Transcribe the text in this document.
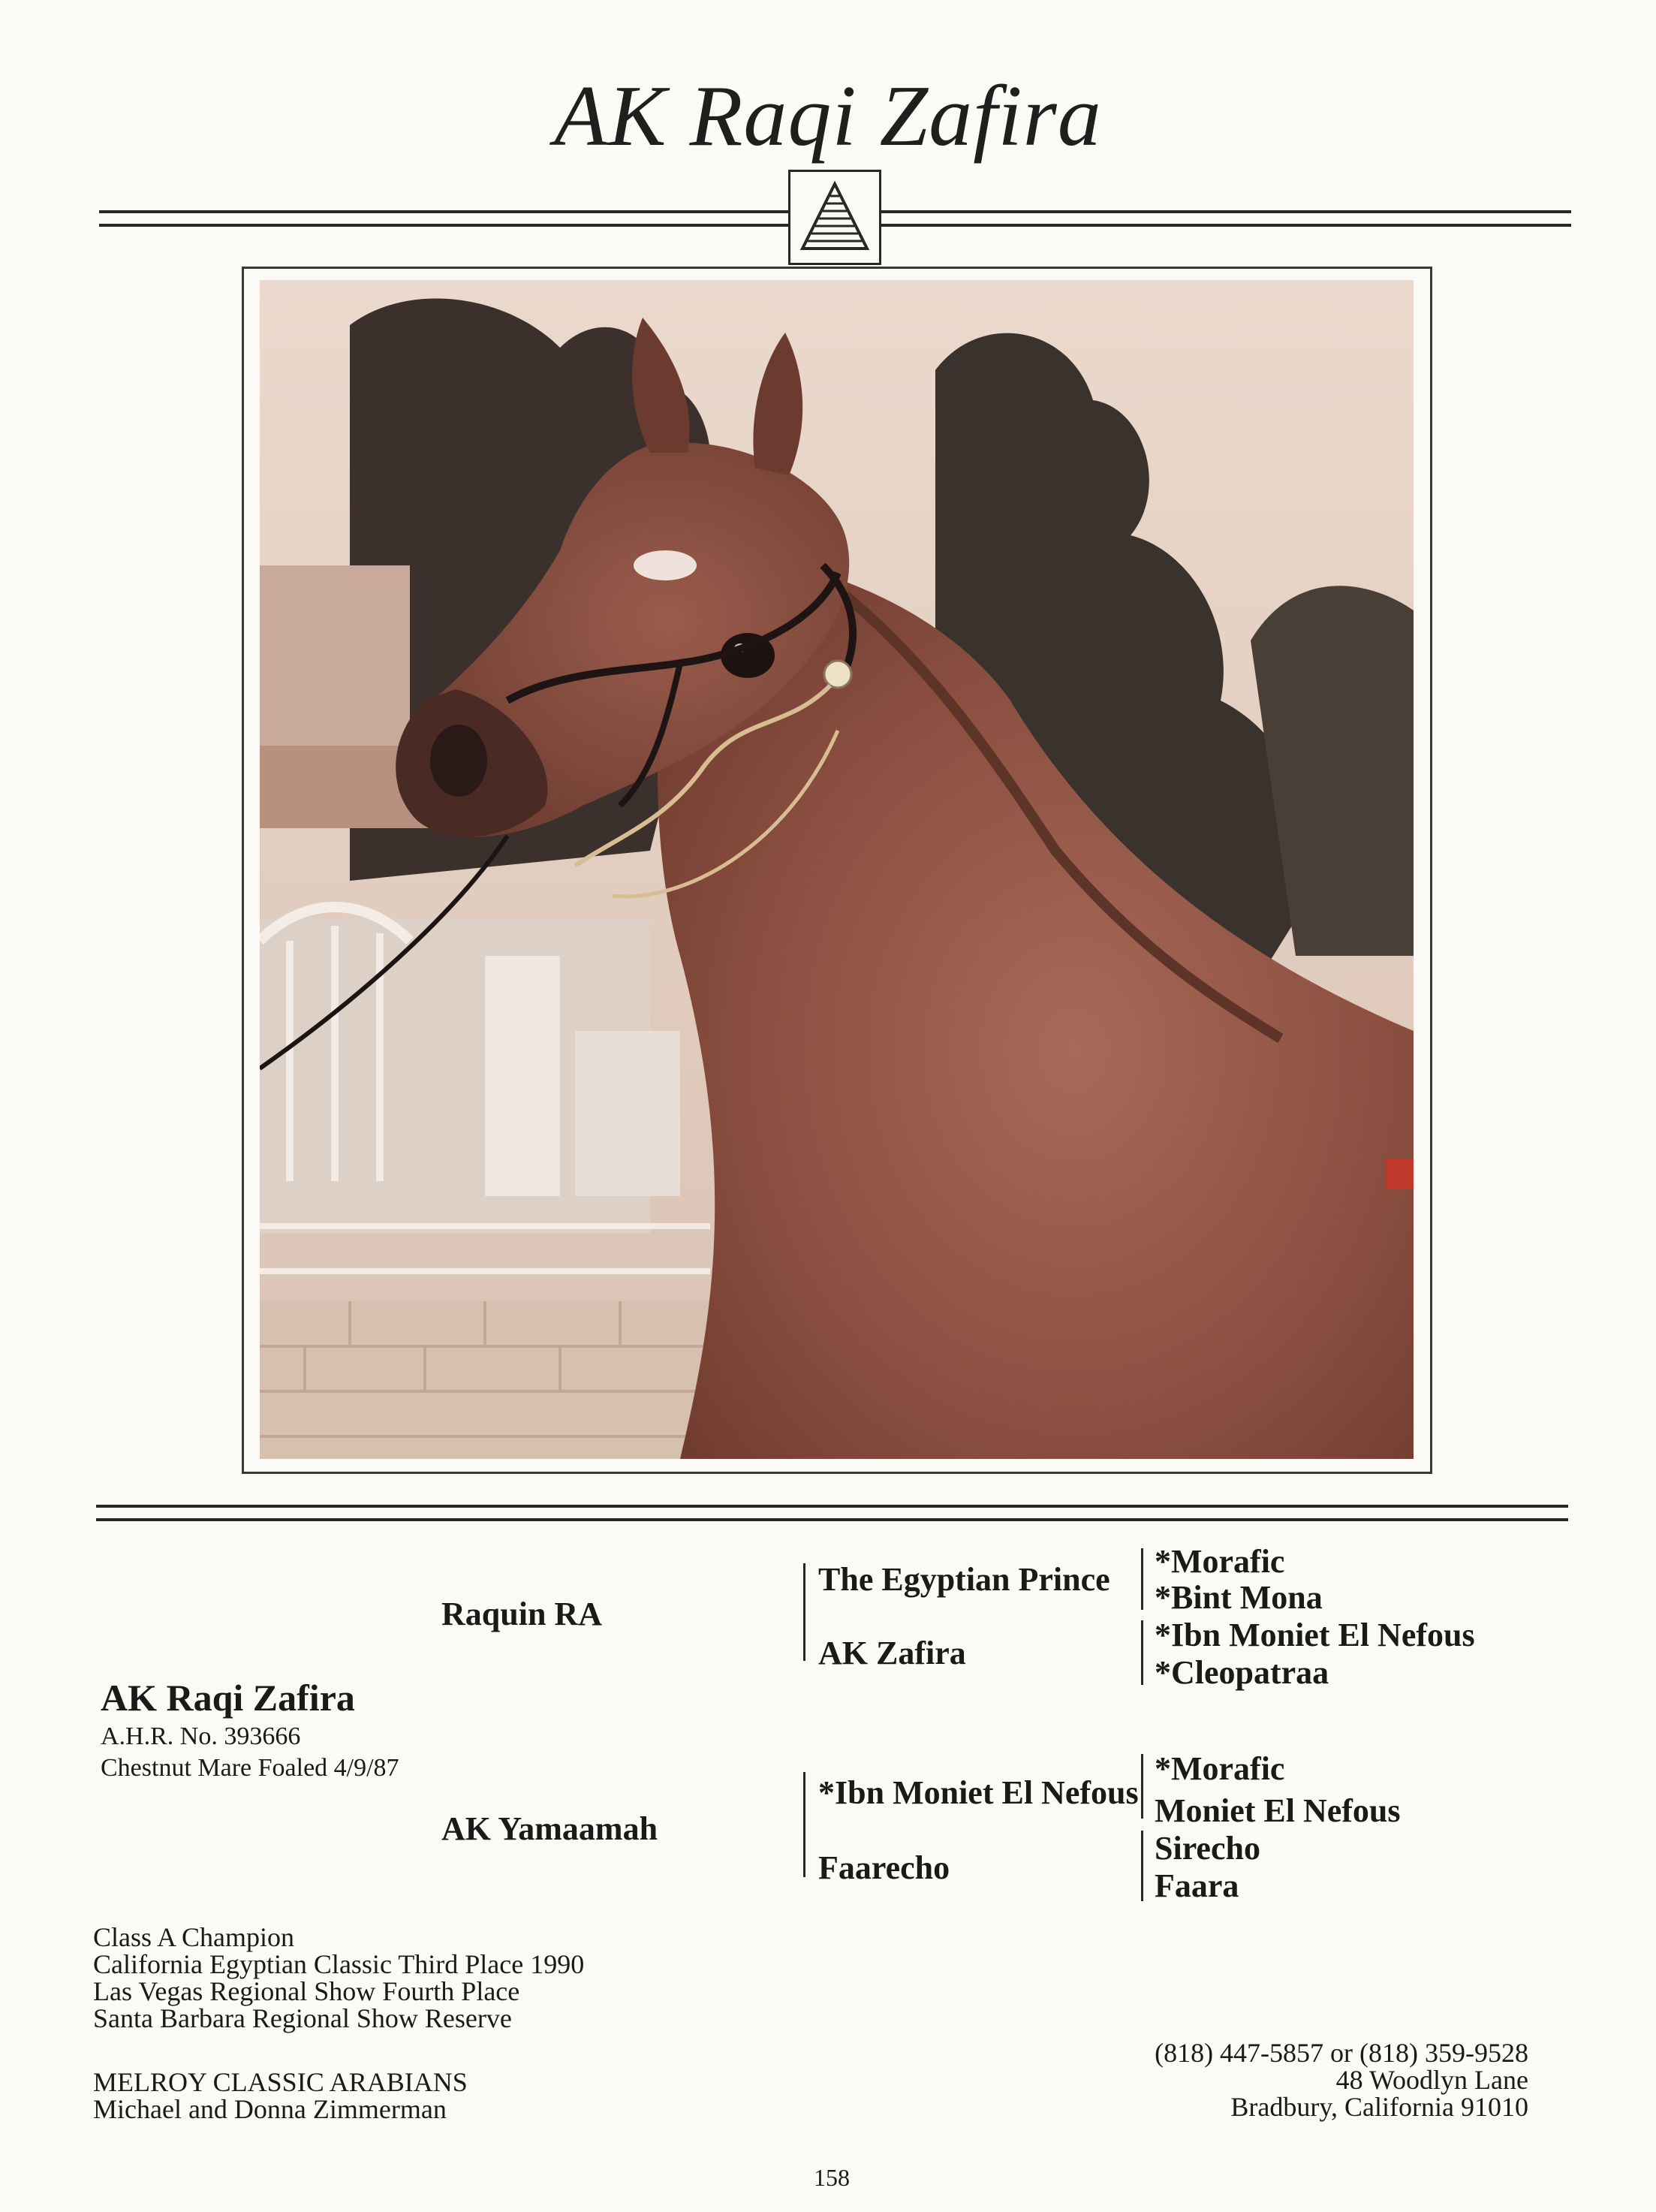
AK Raqi Zafira
Raquin RA
AK Yamaamah
AK Raqi Zafira
A.H.R. No. 393666
Chestnut Mare Foaled 4/9/87
The Egyptian Prince
AK Zafira
*Ibn Moniet El Nefous
Faarecho
*Morafic
*Bint Mona
*Ibn Moniet El Nefous
*Cleopatraa
*Morafic
Moniet El Nefous
Sirecho
Faara
Class A Champion
California Egyptian Classic Third Place 1990
Las Vegas Regional Show Fourth Place
Santa Barbara Regional Show Reserve
MELROY CLASSIC ARABIANS
Michael and Donna Zimmerman
158
(818) 447-5857 or (818) 359-9528
48 Woodlyn Lane
Bradbury, California 91010
